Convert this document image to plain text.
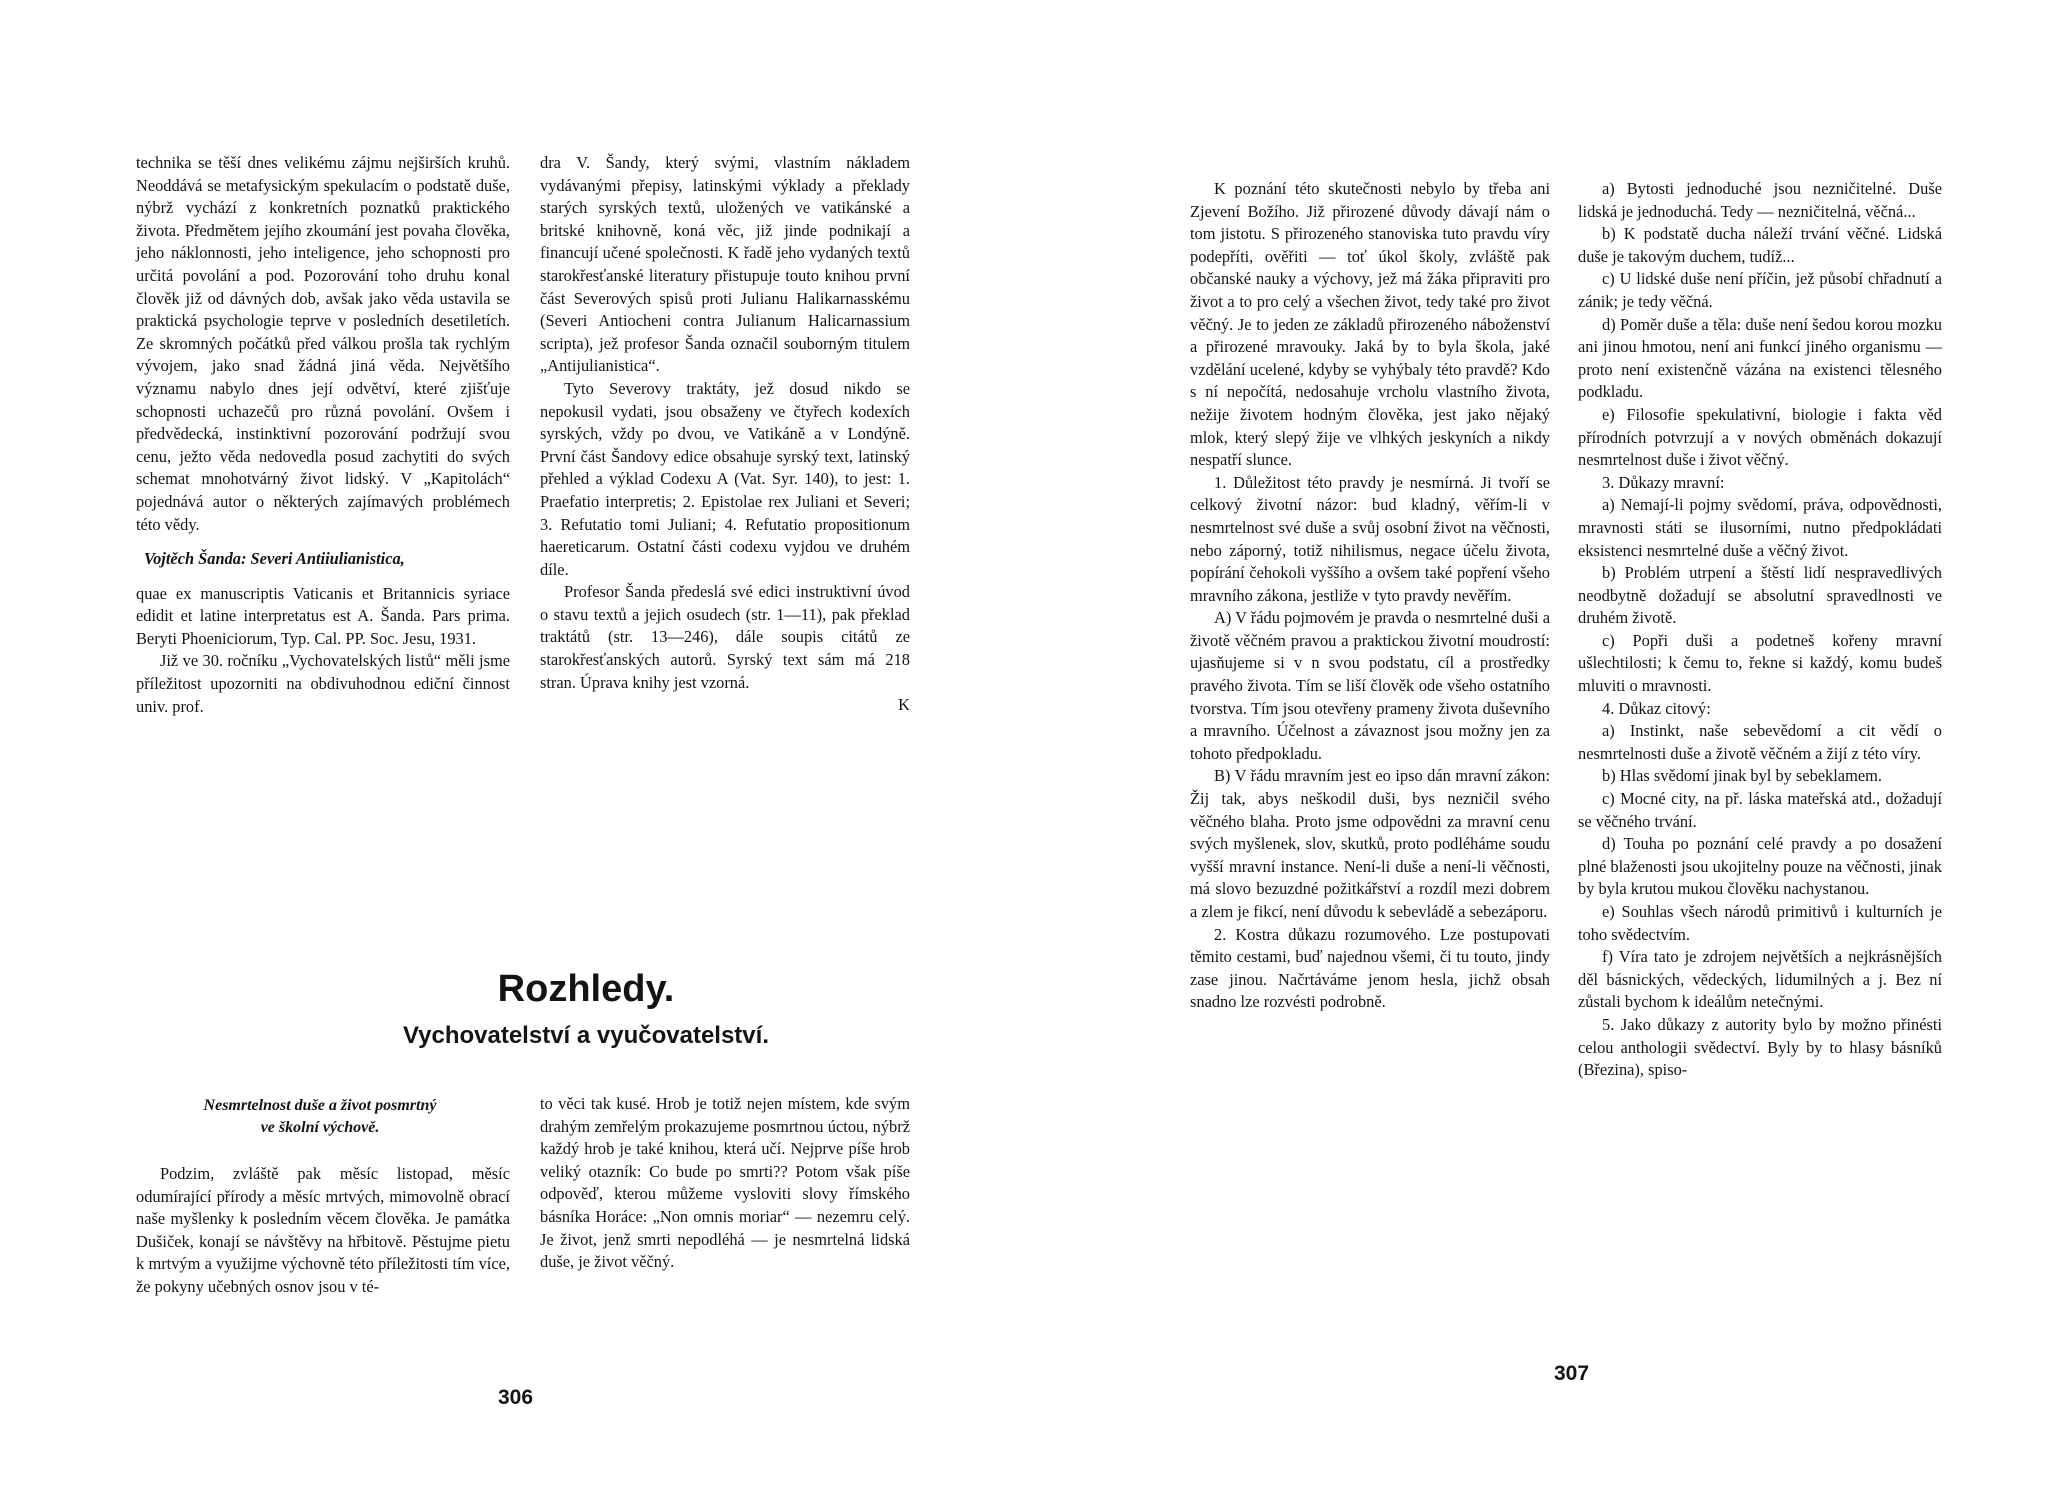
technika se těší dnes velikému zájmu nejširších kruhů. Neoddává se metafysickým spekulacím o podstatě duše, nýbrž vychází z konkretních poznatků praktického života. Předmětem jejího zkoumání jest povaha člověka, jeho náklonnosti, jeho inteligence, jeho schopnosti pro určitá povolání a pod. Pozorování toho druhu konal člověk již od dávných dob, avšak jako věda ustavila se praktická psychologie teprve v posledních desetiletích. Ze skromných počátků před válkou prošla tak rychlým vývojem, jako snad žádná jiná věda. Největšího významu nabylo dnes její odvětví, které zjišťuje schopnosti uchazečů pro různá povolání. Ovšem i předvědecká, instinktivní pozorování podržují svou cenu, ježto věda nedovedla posud zachytiti do svých schemat mnohotvárný život lidský. V „Kapitolách“ pojednává autor o některých zajímavých problémech této vědy.

Vojtěch Šanda: Severi Antiiulianistica,

quae ex manuscriptis Vaticanis et Britannicis syriace edidit et latine interpretatus est A. Šanda. Pars prima. Beryti Phoeniciorum, Typ. Cal. PP. Soc. Jesu, 1931.

Již ve 30. ročníku „Vychovatelských listů“ měli jsme příležitost upozorniti na obdivuhodnou ediční činnost univ. prof.

dra V. Šandy, který svými, vlastním nákladem vydávanými přepisy, latinskými výklady a překlady starých syrských textů, uložených ve vatikánské a britské knihovně, koná věc, již jinde podnikají a financují učené společnosti. K řadě jeho vydaných textů starokřesťanské literatury přistupuje touto knihou první část Severových spisů proti Julianu Halikarnasskému (Severi Antiocheni contra Julianum Halicarnassium scripta), jež profesor Šanda označil souborným titulem „Antijulianistica“.

Tyto Severovy traktáty, jež dosud nikdo se nepokusil vydati, jsou obsaženy ve čtyřech kodexích syrských, vždy po dvou, ve Vatikáně a v Londýně. První část Šandovy edice obsahuje syrský text, latinský přehled a výklad Codexu A (Vat. Syr. 140), to jest: 1. Praefatio interpretis; 2. Epistolae rex Juliani et Severi; 3. Refutatio tomi Juliani; 4. Refutatio propositionum haereticarum. Ostatní části codexu vyjdou ve druhém díle.

Profesor Šanda předeslá své edici instruktivní úvod o stavu textů a jejich osudech (str. 1—11), pak překlad traktátů (str. 13—246), dále soupis citátů ze starokřesťanských autorů. Syrský text sám má 218 stran. Úprava knihy jest vzorná.

K

Rozhledy.
Vychovatelství a vyučovatelství.
Nesmrtelnost duše a život posmrtný
ve školní výchově.

Podzim, zvláště pak měsíc listopad, měsíc odumírající přírody a měsíc mrtvých, mimovolně obrací naše myšlenky k posledním věcem člověka. Je památka Dušiček, konají se návštěvy na hřbitově. Pěstujme pietu k mrtvým a využijme výchovně této příležitosti tím více, že pokyny učebných osnov jsou v té-

to věci tak kusé. Hrob je totiž nejen místem, kde svým drahým zemřelým prokazujeme posmrtnou úctou, nýbrž každý hrob je také knihou, která učí. Nejprve píše hrob veliký otazník: Co bude po smrti?? Potom však píše odpověď, kterou můžeme vysloviti slovy římského básníka Horáce: „Non omnis moriar“ — nezemru celý. Je život, jenž smrti nepodléhá — je nesmrtelná lidská duše, je život věčný.

306

K poznání této skutečnosti nebylo by třeba ani Zjevení Božího. Již přirozené důvody dávají nám o tom jistotu. S přirozeného stanoviska tuto pravdu víry podepříti, ověřiti — toť úkol školy, zvláště pak občanské nauky a výchovy, jež má žáka připraviti pro život a to pro celý a všechen život, tedy také pro život věčný. Je to jeden ze základů přirozeného náboženství a přirozené mravouky. Jaká by to byla škola, jaké vzdělání ucelené, kdyby se vyhýbaly této pravdě? Kdo s ní nepočítá, nedosahuje vrcholu vlastního života, nežije životem hodným člověka, jest jako nějaký mlok, který slepý žije ve vlhkých jeskyních a nikdy nespatří slunce.

1. Důležitost této pravdy je nesmírná. Ji tvoří se celkový životní názor: bud kladný, věřím-li v nesmrtelnost své duše a svůj osobní život na věčnosti, nebo záporný, totiž nihilismus, negace účelu života, popírání čehokoli vyššího a ovšem také popření všeho mravního zákona, jestliže v tyto pravdy nevěřím.

A) V řádu pojmovém je pravda o nesmrtelné duši a životě věčném pravou a praktickou životní moudrostí: ujasňujeme si v n svou podstatu, cíl a prostředky pravého života. Tím se liší člověk ode všeho ostatního tvorstva. Tím jsou otevřeny prameny života duševního a mravního. Účelnost a závaznost jsou možny jen za tohoto předpokladu.

B) V řádu mravním jest eo ipso dán mravní zákon: Žij tak, abys neškodil duši, bys nezničil svého věčného blaha. Proto jsme odpovědni za mravní cenu svých myšlenek, slov, skutků, proto podléháme soudu vyšší mravní instance. Není-li duše a není-li věčnosti, má slovo bezuzdné požitkářství a rozdíl mezi dobrem a zlem je fikcí, není důvodu k sebevládě a sebezáporu.

2. Kostra důkazu rozumového. Lze postupovati těmito cestami, buď najednou všemi, či tu touto, jindy zase jinou. Načrtáváme jenom hesla, jichž obsah snadno lze rozvésti podrobně.

a) Bytosti jednoduché jsou nezničitelné. Duše lidská je jednoduchá. Tedy — nezničitelná, věčná...

b) K podstatě ducha náleží trvání věčné. Lidská duše je takovým duchem, tudíž...

c) U lidské duše není příčin, jež působí chřadnutí a zánik; je tedy věčná.

d) Poměr duše a těla: duše není šedou korou mozku ani jinou hmotou, není ani funkcí jiného organismu — proto není existenčně vázána na existenci tělesného podkladu.

e) Filosofie spekulativní, biologie i fakta věd přírodních potvrzují a v nových obměnách dokazují nesmrtelnost duše i život věčný.

3. Důkazy mravní:

a) Nemají-li pojmy svědomí, práva, odpovědnosti, mravnosti státi se ilusorními, nutno předpokládati eksistenci nesmrtelné duše a věčný život.

b) Problém utrpení a štěstí lidí nespravedlivých neodbytně dožadují se absolutní spravedlnosti ve druhém životě.

c) Popři duši a podetneš kořeny mravní ušlechtilosti; k čemu to, řekne si každý, komu budeš mluviti o mravnosti.

4. Důkaz citový:

a) Instinkt, naše sebevědomí a cit vědí o nesmrtelnosti duše a životě věčném a žijí z této víry.

b) Hlas svědomí jinak byl by sebeklamem.

c) Mocné city, na př. láska mateřská atd., dožadují se věčného trvání.

d) Touha po poznání celé pravdy a po dosažení plné blaženosti jsou ukojitelny pouze na věčnosti, jinak by byla krutou mukou člověku nachystanou.

e) Souhlas všech národů primitivů i kulturních je toho svědectvím.

f) Víra tato je zdrojem největších a nejkrásnějších děl básnických, vědeckých, lidumilných a j. Bez ní zůstali bychom k ideálům netečnými.

5. Jako důkazy z autority bylo by možno přinésti celou anthologii svědectví. Byly by to hlasy básníků (Březina), spiso-

307
